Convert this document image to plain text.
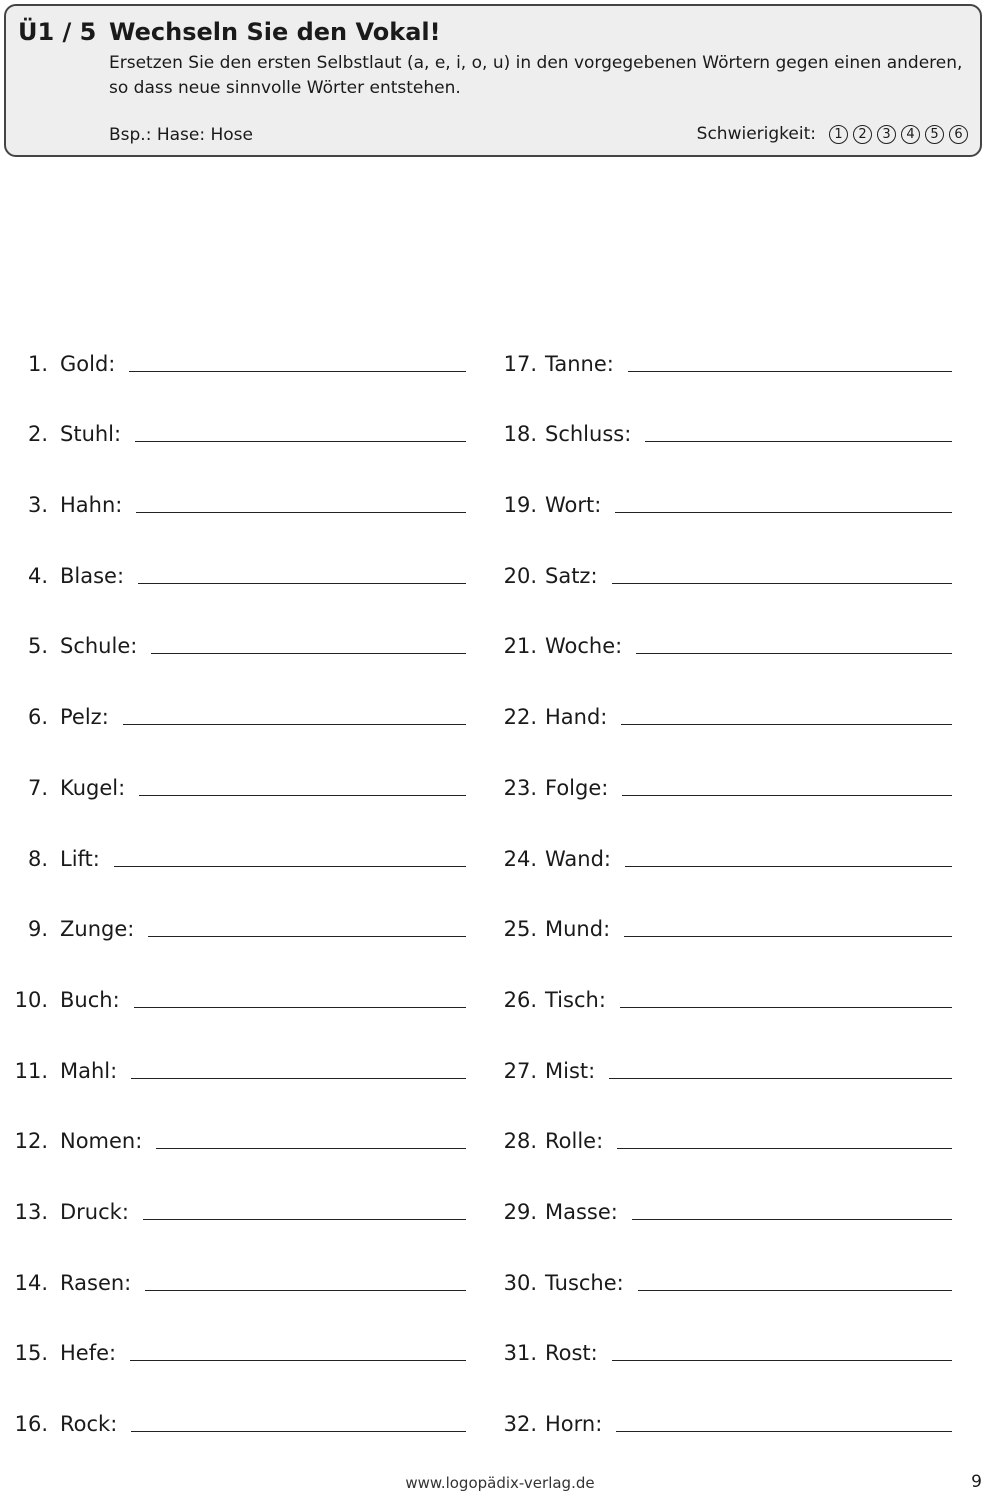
Ü1 / 5 Wechseln Sie den Vokal!
Ersetzen Sie den ersten Selbstlaut (a, e, i, o, u) in den vorgegebenen Wörtern gegen einen anderen,
so dass neue sinnvolle Wörter entstehen.
Bsp.: Hase: Hose	Schwierigkeit:	1	2	3	4	5	6
1. Gold:
2. Stuhl:
3. Hahn:
4. Blase:
5. Schule:
6. Pelz:
7. Kugel:
8. Lift:
9. Zunge:
10. Buch:
11. Mahl:
12. Nomen:
13. Druck:
14. Rasen:
15. Hefe:
16. Rock:
17. Tanne:
18. Schluss:
19. Wort:
20. Satz:
21. Woche:
22. Hand:
23. Folge:
24. Wand:
25. Mund:
26. Tisch:
27. Mist:
28. Rolle:
29. Masse:
30. Tusche:
31. Rost:
32. Horn:
www.logopädix-verlag.de	9
